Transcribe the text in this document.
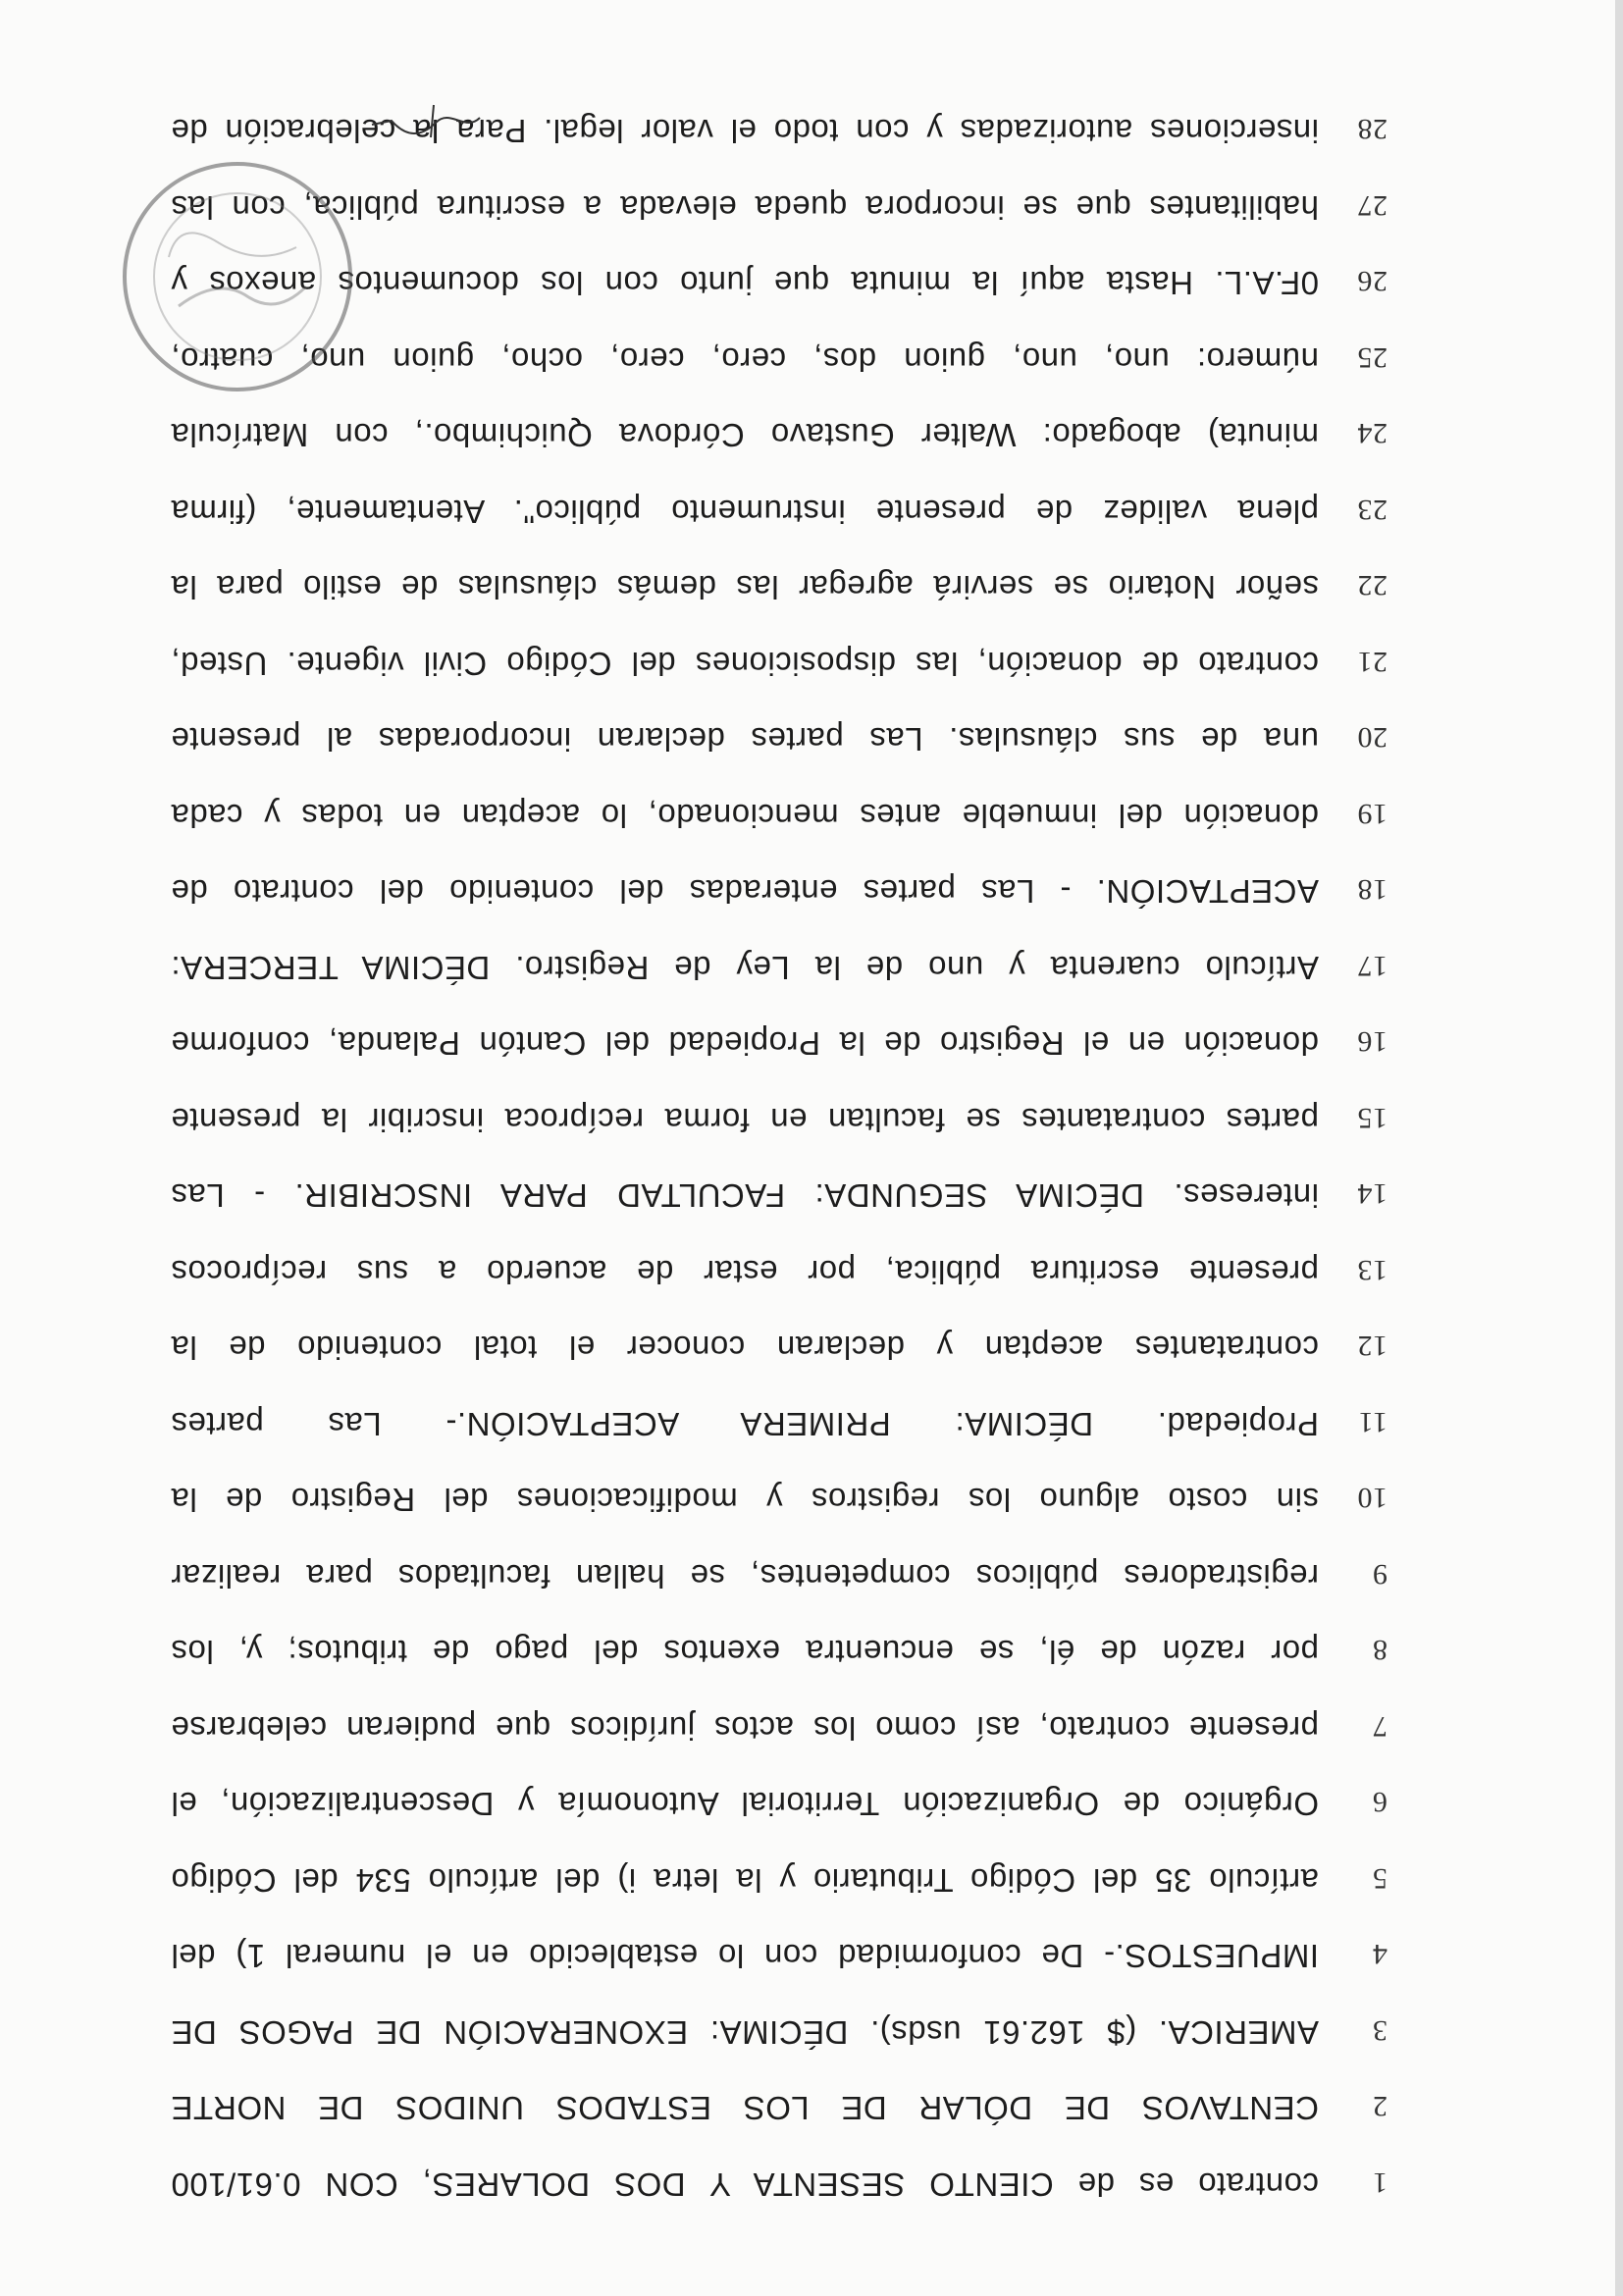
1
contrato es de CIENTO SESENTA Y DOS DOLARES, CON 0.61/100
2
CENTAVOS DE DÓLAR DE LOS ESTADOS UNIDOS DE NORTE
3
AMERICA. ($ 162.61 usds). DÉCIMA: EXONERACIÓN DE PAGOS DE
4
IMPUESTOS.- De conformidad con lo establecido en el numeral 1) del
5
artículo 35 del Código Tributario y la letra i) del artículo 534 del Código
6
Orgánico de Organización Territorial Autonomía y Descentralización, el
7
presente contrato, así como los actos jurídicos que pudieran celebrarse
8
por razón de él, se encuentra exentos del pago de tributos; y, los
9
registradores públicos competentes, se hallan facultados para realizar
10
sin costo alguno los registros y modificaciones del Registro de la
11
Propiedad. DÉCIMA: PRIMERA ACEPTACIÓN.- Las partes
12
contratantes aceptan y declaran conocer el total contenido de la
13
presente escritura pública, por estar de acuerdo a sus recíprocos
14
intereses. DÉCIMA SEGUNDA: FACULTAD PARA INSCRIBIR. - Las
15
partes contratantes se facultan en forma recíproca inscribir la presente
16
donación en el Registro de la Propiedad del Cantón Palanda, conforme
17
Artículo cuarenta y uno de la Ley de Registro. DÉCIMA TERCERA:
18
ACEPTACIÓN. - Las partes enteradas del contenido del contrato de
19
donación del inmueble antes mencionado, lo aceptan en todas y cada
20
una de sus cláusulas. Las partes declaran incorporadas al presente
21
contrato de donación, las disposiciones del Código Civil vigente. Usted,
22
señor Notario se servirá agregar las demás cláusulas de estilo para la
23
plena validez de presente instrumento público". Atentamente, (firma
24
minuta) abogado: Walter Gustavo Córdova Quichimbo., con Matrícula
25
número: uno, uno, guion dos, cero, cero, ocho, guion uno, cuatro,
26
0F.A.L. Hasta aquí la minuta que junto con los documentos anexos y
27
habilitantes que se incorpora queda elevada a escritura pública, con las
28
inserciones autorizadas y con todo el valor legal. Para la celebración de
